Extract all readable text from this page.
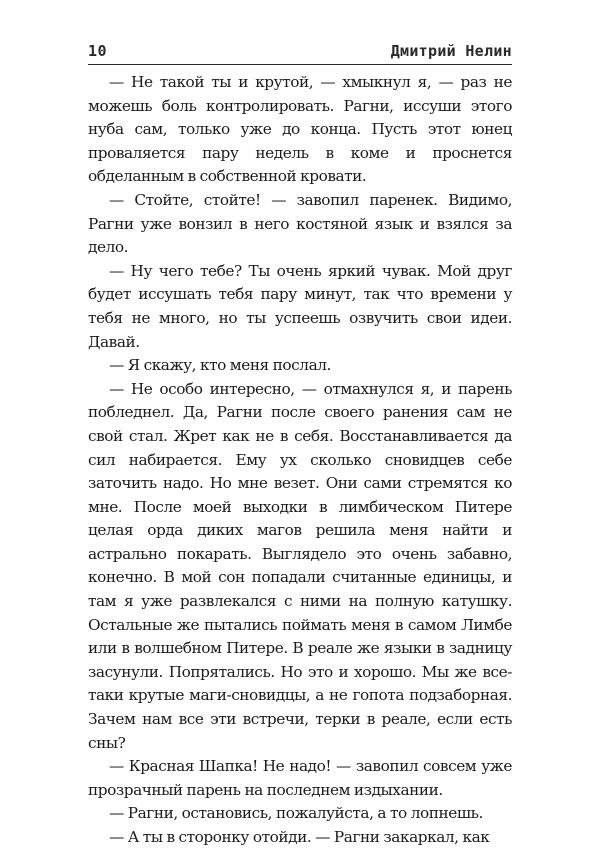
10	Дмитрий Нелин

— Не такой ты и крутой, — хмыкнул я, — раз не можешь боль контролировать. Рагни, иссуши этого нуба сам, только уже до конца. Пусть этот юнец проваляется пару недель в коме и проснется обделанным в собственной кровати.

— Стойте, стойте! — завопил паренек. Видимо, Рагни уже вонзил в него костяной язык и взялся за дело.

— Ну чего тебе? Ты очень яркий чувак. Мой друг будет иссушать тебя пару минут, так что времени у тебя не много, но ты успеешь озвучить свои идеи. Давай.

— Я скажу, кто меня послал.

— Не особо интересно, — отмахнулся я, и парень побледнел. Да, Рагни после своего ранения сам не свой стал. Жрет как не в себя. Восстанавливается да сил набирается. Ему ух сколько сновидцев себе заточить надо. Но мне везет. Они сами стремятся ко мне. После моей выходки в лимбическом Питере целая орда диких магов решила меня найти и астрально покарать. Выглядело это очень забавно, конечно. В мой сон попадали считанные единицы, и там я уже развлекался с ними на полную катушку. Остальные же пытались поймать меня в самом Лимбе или в волшебном Питере. В реале же языки в задницу засунули. Попрятались. Но это и хорошо. Мы же все-таки крутые маги-сновидцы, а не гопота подзаборная. Зачем нам все эти встречи, терки в реале, если есть сны?

— Красная Шапка! Не надо! — завопил совсем уже прозрачный парень на последнем издыхании.

— Рагни, остановись, пожалуйста, а то лопнешь.

— А ты в сторонку отойди. — Рагни закаркал, как
